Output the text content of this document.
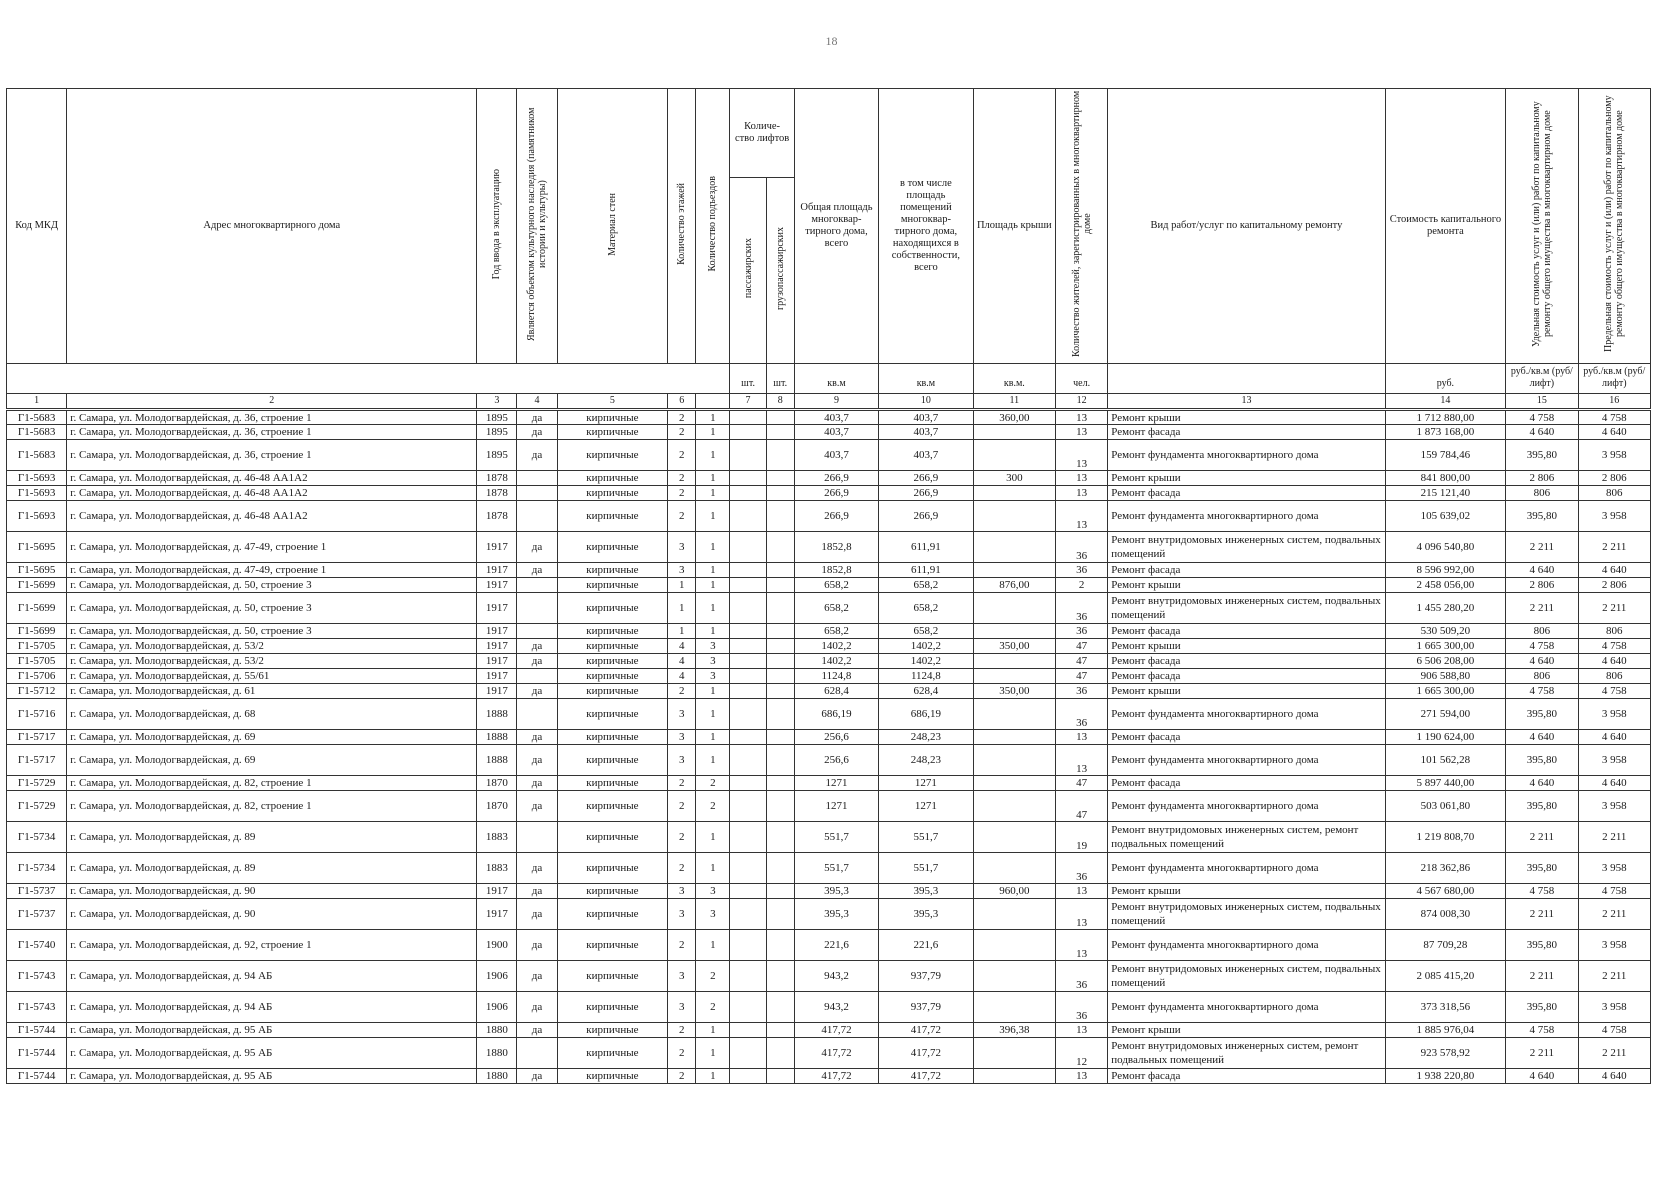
18
Код МКД	Адрес многоквартирного дома	Год ввода в эксплуатацию	Является объектом культурного наследия (памятником истории и культуры)	Материал стен	Количество этажей	Количество подъездов	Количе- ство лифтов		Общая площадь многоквар- тирного дома, всего	в том числе площадь помещений многоквар- тирного дома, находящихся в собственности, всего	Площадь крыши	Количество жителей, зарегистрированных в многоквартирном доме	Вид работ/услуг по капитальному ремонту	Стоимость капитального ремонта	Удельная стоимость услуг и (или) работ по капитальному ремонту общего имущества в многоквартирном доме	Предельная стоимость услуг и (или) работ по капитальному ремонту общего имущества в многоквартирном доме
							пассажирских	грузопассажирских								
							шт.	шт.	кв.м	кв.м	кв.м.	чел.		руб.	руб./кв.м (руб/лифт)	руб./кв.м (руб/лифт)
1	2	3	4	5	6		7	8	9	10	11	12	13	14	15	16
Г1-5683	г. Самара, ул. Молодогвардейская, д. 36, строение 1	1895	да	кирпичные	2	1			403,7	403,7	360,00	13	Ремонт крыши	1 712 880,00	4 758	4 758
Г1-5683	г. Самара, ул. Молодогвардейская, д. 36, строение 1	1895	да	кирпичные	2	1			403,7	403,7		13	Ремонт фасада	1 873 168,00	4 640	4 640
Г1-5683	г. Самара, ул. Молодогвардейская, д. 36, строение 1	1895	да	кирпичные	2	1			403,7	403,7		13	Ремонт фундамента многоквартирного дома	159 784,46	395,80	3 958
Г1-5693	г. Самара, ул. Молодогвардейская, д. 46-48 АА1А2	1878		кирпичные	2	1			266,9	266,9	300	13	Ремонт крыши	841 800,00	2 806	2 806
Г1-5693	г. Самара, ул. Молодогвардейская, д. 46-48 АА1А2	1878		кирпичные	2	1			266,9	266,9		13	Ремонт фасада	215 121,40	806	806
Г1-5693	г. Самара, ул. Молодогвардейская, д. 46-48 АА1А2	1878		кирпичные	2	1			266,9	266,9		13	Ремонт фундамента многоквартирного дома	105 639,02	395,80	3 958
Г1-5695	г. Самара, ул. Молодогвардейская, д. 47-49, строение 1	1917	да	кирпичные	3	1			1852,8	611,91		36	Ремонт внутридомовых инженерных систем, подвальных помещений	4 096 540,80	2 211	2 211
Г1-5695	г. Самара, ул. Молодогвардейская, д. 47-49, строение 1	1917	да	кирпичные	3	1			1852,8	611,91		36	Ремонт фасада	8 596 992,00	4 640	4 640
Г1-5699	г. Самара, ул. Молодогвардейская, д. 50, строение 3	1917		кирпичные	1	1			658,2	658,2	876,00	2	Ремонт крыши	2 458 056,00	2 806	2 806
Г1-5699	г. Самара, ул. Молодогвардейская, д. 50, строение 3	1917		кирпичные	1	1			658,2	658,2		36	Ремонт внутридомовых инженерных систем, подвальных помещений	1 455 280,20	2 211	2 211
Г1-5699	г. Самара, ул. Молодогвардейская, д. 50, строение 3	1917		кирпичные	1	1			658,2	658,2		36	Ремонт фасада	530 509,20	806	806
Г1-5705	г. Самара, ул. Молодогвардейская, д. 53/2	1917	да	кирпичные	4	3			1402,2	1402,2	350,00	47	Ремонт крыши	1 665 300,00	4 758	4 758
Г1-5705	г. Самара, ул. Молодогвардейская, д. 53/2	1917	да	кирпичные	4	3			1402,2	1402,2		47	Ремонт фасада	6 506 208,00	4 640	4 640
Г1-5706	г. Самара, ул. Молодогвардейская, д. 55/61	1917		кирпичные	4	3			1124,8	1124,8		47	Ремонт фасада	906 588,80	806	806
Г1-5712	г. Самара, ул. Молодогвардейская, д. 61	1917	да	кирпичные	2	1			628,4	628,4	350,00	36	Ремонт крыши	1 665 300,00	4 758	4 758
Г1-5716	г. Самара, ул. Молодогвардейская, д. 68	1888		кирпичные	3	1			686,19	686,19		36	Ремонт фундамента многоквартирного дома	271 594,00	395,80	3 958
Г1-5717	г. Самара, ул. Молодогвардейская, д. 69	1888	да	кирпичные	3	1			256,6	248,23		13	Ремонт фасада	1 190 624,00	4 640	4 640
Г1-5717	г. Самара, ул. Молодогвардейская, д. 69	1888	да	кирпичные	3	1			256,6	248,23		13	Ремонт фундамента многоквартирного дома	101 562,28	395,80	3 958
Г1-5729	г. Самара, ул. Молодогвардейская, д. 82, строение 1	1870	да	кирпичные	2	2			1271	1271		47	Ремонт фасада	5 897 440,00	4 640	4 640
Г1-5729	г. Самара, ул. Молодогвардейская, д. 82, строение 1	1870	да	кирпичные	2	2			1271	1271		47	Ремонт фундамента многоквартирного дома	503 061,80	395,80	3 958
Г1-5734	г. Самара, ул. Молодогвардейская, д. 89	1883		кирпичные	2	1			551,7	551,7		19	Ремонт внутридомовых инженерных систем, ремонт подвальных помещений	1 219 808,70	2 211	2 211
Г1-5734	г. Самара, ул. Молодогвардейская, д. 89	1883	да	кирпичные	2	1			551,7	551,7		36	Ремонт фундамента многоквартирного дома	218 362,86	395,80	3 958
Г1-5737	г. Самара, ул. Молодогвардейская, д. 90	1917	да	кирпичные	3	3			395,3	395,3	960,00	13	Ремонт крыши	4 567 680,00	4 758	4 758
Г1-5737	г. Самара, ул. Молодогвардейская, д. 90	1917	да	кирпичные	3	3			395,3	395,3		13	Ремонт внутридомовых инженерных систем, подвальных помещений	874 008,30	2 211	2 211
Г1-5740	г. Самара, ул. Молодогвардейская, д. 92, строение 1	1900	да	кирпичные	2	1			221,6	221,6		13	Ремонт фундамента многоквартирного дома	87 709,28	395,80	3 958
Г1-5743	г. Самара, ул. Молодогвардейская, д. 94 АБ	1906	да	кирпичные	3	2			943,2	937,79		36	Ремонт внутридомовых инженерных систем, подвальных помещений	2 085 415,20	2 211	2 211
Г1-5743	г. Самара, ул. Молодогвардейская, д. 94 АБ	1906	да	кирпичные	3	2			943,2	937,79		36	Ремонт фундамента многоквартирного дома	373 318,56	395,80	3 958
Г1-5744	г. Самара, ул. Молодогвардейская, д. 95 АБ	1880	да	кирпичные	2	1			417,72	417,72	396,38	13	Ремонт крыши	1 885 976,04	4 758	4 758
Г1-5744	г. Самара, ул. Молодогвардейская, д. 95 АБ	1880		кирпичные	2	1			417,72	417,72		12	Ремонт внутридомовых инженерных систем, ремонт подвальных помещений	923 578,92	2 211	2 211
Г1-5744	г. Самара, ул. Молодогвардейская, д. 95 АБ	1880	да	кирпичные	2	1			417,72	417,72		13	Ремонт фасада	1 938 220,80	4 640	4 640
